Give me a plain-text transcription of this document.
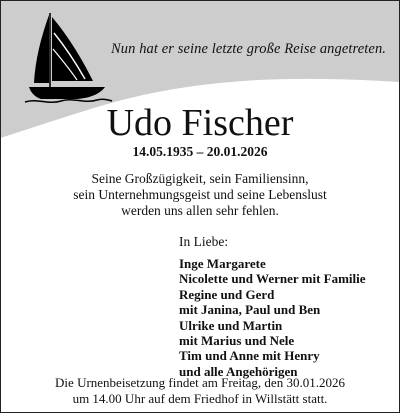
Nun hat er seine letzte große Reise angetreten.
Udo Fischer
14.05.1935 – 20.01.2026
Seine Großzügigkeit, sein Familiensinn,
sein Unternehmungsgeist und seine Lebenslust
werden uns allen sehr fehlen.
In Liebe:
Inge Margarete
Nicolette und Werner mit Familie
Regine und Gerd
mit Janina, Paul und Ben
Ulrike und Martin
mit Marius und Nele
Tim und Anne mit Henry
und alle Angehörigen
Die Urnenbeisetzung findet am Freitag, den 30.01.2026
um 14.00 Uhr auf dem Friedhof in Willstätt statt.
